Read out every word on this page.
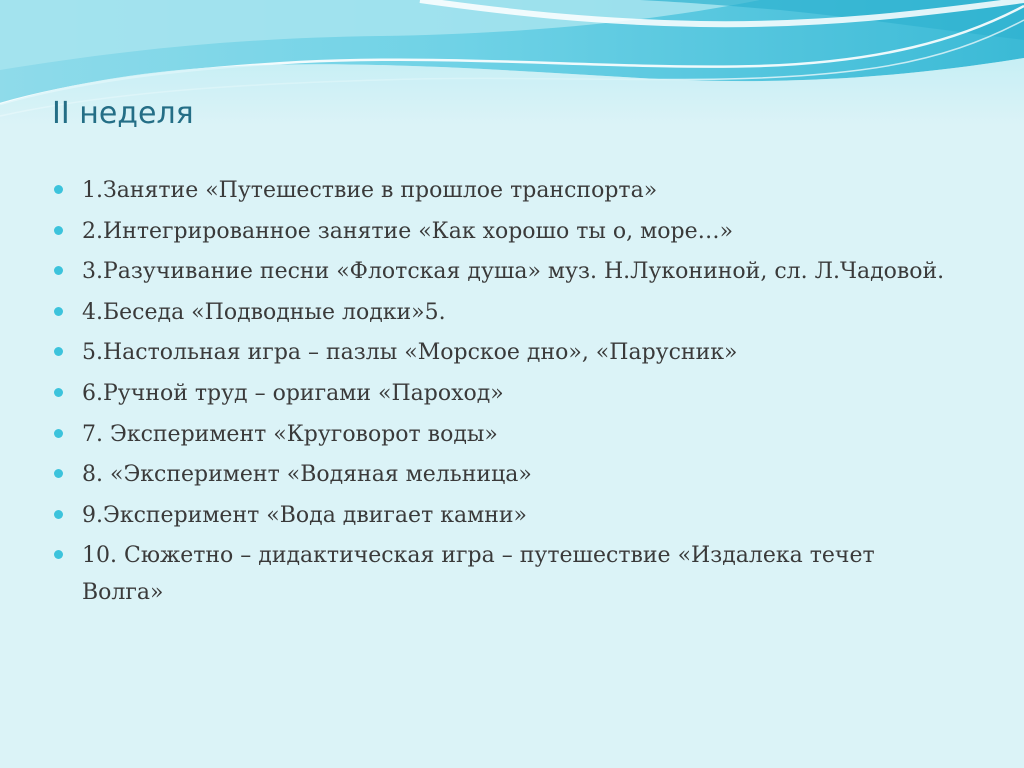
II неделя
1.Занятие «Путешествие в прошлое транспорта»
2.Интегрированное занятие «Как хорошо ты о, море…»
3.Разучивание песни «Флотская душа» муз. Н.Лукониной, сл. Л.Чадовой.
4.Беседа «Подводные лодки»5.
5.Настольная игра – пазлы «Морское дно», «Парусник»
6.Ручной труд – оригами «Пароход»
7. Эксперимент «Круговорот воды»
8. «Эксперимент «Водяная мельница»
9.Эксперимент «Вода двигает камни»
10. Сюжетно – дидактическая игра – путешествие «Издалека течет Волга»
